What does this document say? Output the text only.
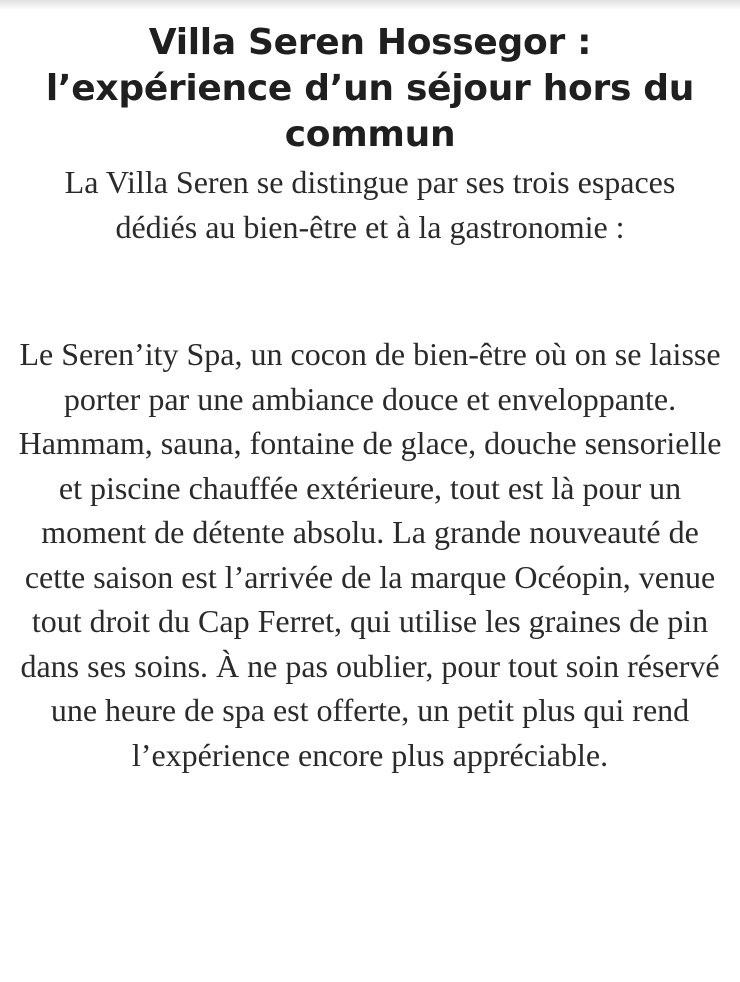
Villa Seren Hossegor : l’expérience d’un séjour hors du commun

La Villa Seren se distingue par ses trois espaces dédiés au bien-être et à la gastronomie :

Le Seren’ity Spa, un cocon de bien-être où on se laisse porter par une ambiance douce et enveloppante. Hammam, sauna, fontaine de glace, douche sensorielle et piscine chauffée extérieure, tout est là pour un moment de détente absolu. La grande nouveauté de cette saison est l’arrivée de la marque Océopin, venue tout droit du Cap Ferret, qui utilise les graines de pin dans ses soins. À ne pas oublier, pour tout soin réservé une heure de spa est offerte, un petit plus qui rend l’expérience encore plus appréciable.
